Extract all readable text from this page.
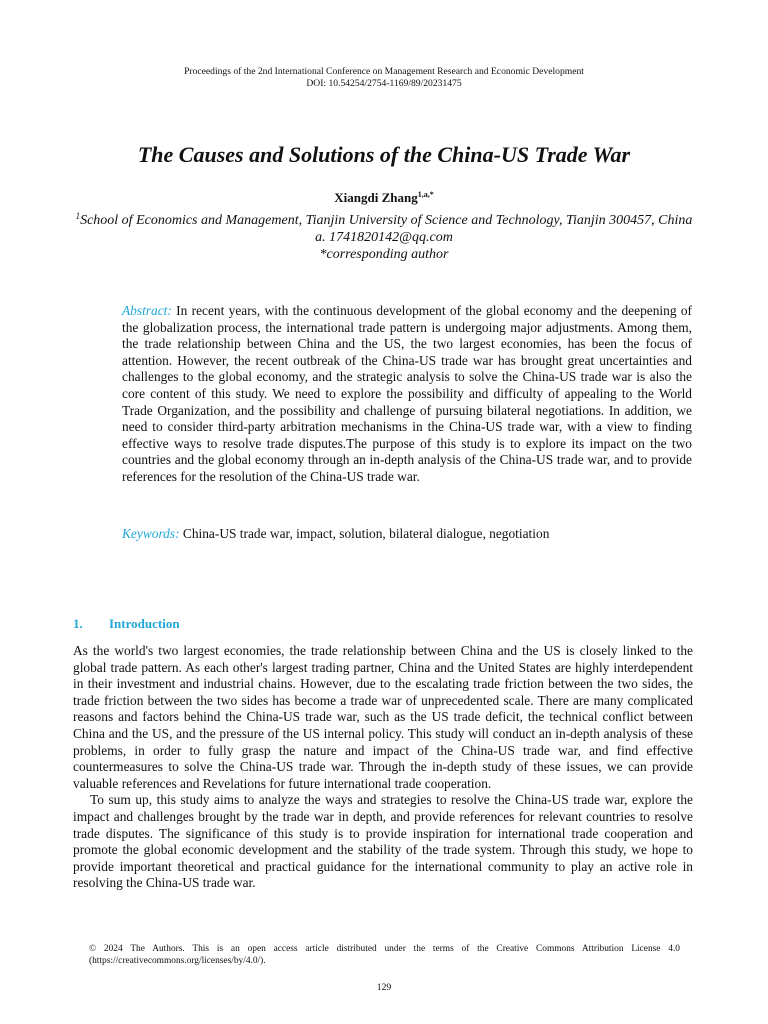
Proceedings of the 2nd International Conference on Management Research and Economic Development
DOI: 10.54254/2754-1169/89/20231475
The Causes and Solutions of the China-US Trade War
Xiangdi Zhang$^{1,a,*}$
$^1$School of Economics and Management, Tianjin University of Science and Technology, Tianjin 300457, China
a. 1741820142@qq.com
*corresponding author
Abstract: In recent years, with the continuous development of the global economy and the deepening of the globalization process, the international trade pattern is undergoing major adjustments. Among them, the trade relationship between China and the US, the two largest economies, has been the focus of attention. However, the recent outbreak of the China-US trade war has brought great uncertainties and challenges to the global economy, and the strategic analysis to solve the China-US trade war is also the core content of this study. We need to explore the possibility and difficulty of appealing to the World Trade Organization, and the possibility and challenge of pursuing bilateral negotiations. In addition, we need to consider third-party arbitration mechanisms in the China-US trade war, with a view to finding effective ways to resolve trade disputes.The purpose of this study is to explore its impact on the two countries and the global economy through an in-depth analysis of the China-US trade war, and to provide references for the resolution of the China-US trade war.
Keywords: China-US trade war, impact, solution, bilateral dialogue, negotiation
1. Introduction

As the world's two largest economies, the trade relationship between China and the US is closely linked to the global trade pattern. As each other's largest trading partner, China and the United States are highly interdependent in their investment and industrial chains. However, due to the escalating trade friction between the two sides, the trade friction between the two sides has become a trade war of unprecedented scale. There are many complicated reasons and factors behind the China-US trade war, such as the US trade deficit, the technical conflict between China and the US, and the pressure of the US internal policy. This study will conduct an in-depth analysis of these problems, in order to fully grasp the nature and impact of the China-US trade war, and find effective countermeasures to solve the China-US trade war. Through the in-depth study of these issues, we can provide valuable references and Revelations for future international trade cooperation.

To sum up, this study aims to analyze the ways and strategies to resolve the China-US trade war, explore the impact and challenges brought by the trade war in depth, and provide references for relevant countries to resolve trade disputes. The significance of this study is to provide inspiration for international trade cooperation and promote the global economic development and the stability of the trade system. Through this study, we hope to provide important theoretical and practical guidance for the international community to play an active role in resolving the China-US trade war.

© 2024 The Authors. This is an open access article distributed under the terms of the Creative Commons Attribution License 4.0 (https://creativecommons.org/licenses/by/4.0/).
129
